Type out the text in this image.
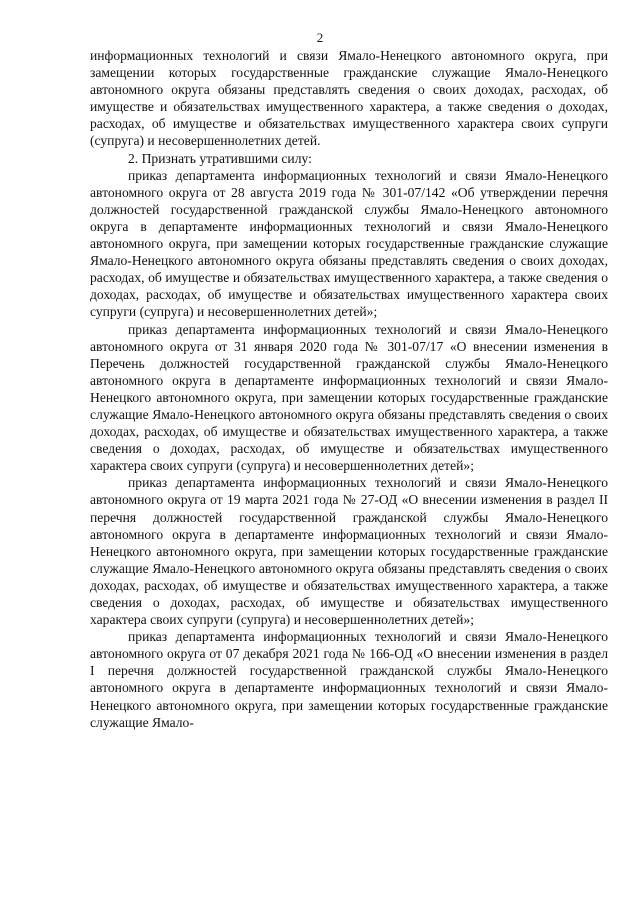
2

информационных технологий и связи Ямало-Ненецкого автономного округа, при замещении которых государственные гражданские служащие Ямало-Ненецкого автономного округа обязаны представлять сведения о своих доходах, расходах, об имуществе и обязательствах имущественного характера, а также сведения о доходах, расходах, об имуществе и обязательствах имущественного характера своих супруги (супруга) и несовершеннолетних детей.

2. Признать утратившими силу:

приказ департамента информационных технологий и связи Ямало-Ненецкого автономного округа от 28 августа 2019 года № 301-07/142 «Об утверждении перечня должностей государственной гражданской службы Ямало-Ненецкого автономного округа в департаменте информационных технологий и связи Ямало-Ненецкого автономного округа, при замещении которых государственные гражданские служащие Ямало-Ненецкого автономного округа обязаны представлять сведения о своих доходах, расходах, об имуществе и обязательствах имущественного характера, а также сведения о доходах, расходах, об имуществе и обязательствах имущественного характера своих супруги (супруга) и несовершеннолетних детей»;

приказ департамента информационных технологий и связи Ямало-Ненецкого автономного округа от 31 января 2020 года № 301-07/17 «О внесении изменения в Перечень должностей государственной гражданской службы Ямало-Ненецкого автономного округа в департаменте информационных технологий и связи Ямало-Ненецкого автономного округа, при замещении которых государственные гражданские служащие Ямало-Ненецкого автономного округа обязаны представлять сведения о своих доходах, расходах, об имуществе и обязательствах имущественного характера, а также сведения о доходах, расходах, об имуществе и обязательствах имущественного характера своих супруги (супруга) и несовершеннолетних детей»;

приказ департамента информационных технологий и связи Ямало-Ненецкого автономного округа от 19 марта 2021 года № 27-ОД «О внесении изменения в раздел II перечня должностей государственной гражданской службы Ямало-Ненецкого автономного округа в департаменте информационных технологий и связи Ямало-Ненецкого автономного округа, при замещении которых государственные гражданские служащие Ямало-Ненецкого автономного округа обязаны представлять сведения о своих доходах, расходах, об имуществе и обязательствах имущественного характера, а также сведения о доходах, расходах, об имуществе и обязательствах имущественного характера своих супруги (супруга) и несовершеннолетних детей»;

приказ департамента информационных технологий и связи Ямало-Ненецкого автономного округа от 07 декабря 2021 года № 166-ОД «О внесении изменения в раздел I перечня должностей государственной гражданской службы Ямало-Ненецкого автономного округа в департаменте информационных технологий и связи Ямало-Ненецкого автономного округа, при замещении которых государственные гражданские служащие Ямало-
